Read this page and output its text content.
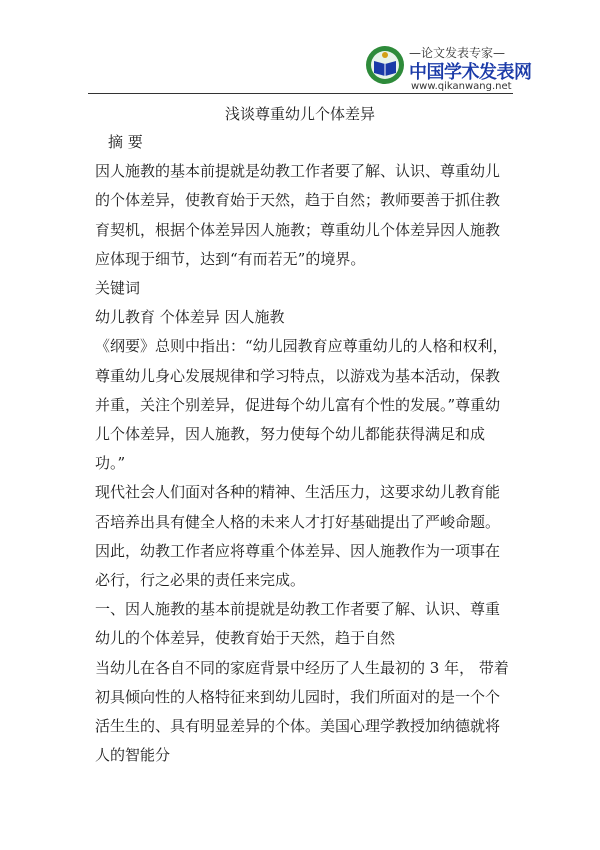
—论文发表专家—
中国学术发表网
www.qikanwang.net
浅谈尊重幼儿个体差异

摘 要

因人施教的基本前提就是幼教工作者要了解、认识、尊重幼儿的个体差异，使教育始于天然，趋于自然；教师要善于抓住教育契机，根据个体差异因人施教；尊重幼儿个体差异因人施教应体现于细节，达到“有而若无”的境界。

关键词

幼儿教育 个体差异 因人施教

《纲要》总则中指出：“幼儿园教育应尊重幼儿的人格和权利，尊重幼儿身心发展规律和学习特点，以游戏为基本活动，保教并重，关注个别差异，促进每个幼儿富有个性的发展。”尊重幼儿个体差异，因人施教，努力使每个幼儿都能获得满足和成功。”

现代社会人们面对各种的精神、生活压力，这要求幼儿教育能否培养出具有健全人格的未来人才打好基础提出了严峻命题。因此，幼教工作者应将尊重个体差异、因人施教作为一项事在必行，行之必果的责任来完成。

一、因人施教的基本前提就是幼教工作者要了解、认识、尊重幼儿的个体差异，使教育始于天然，趋于自然

当幼儿在各自不同的家庭背景中经历了人生最初的 3 年， 带着初具倾向性的人格特征来到幼儿园时，我们所面对的是一个个活生生的、具有明显差异的个体。美国心理学教授加纳德就将人的智能分
